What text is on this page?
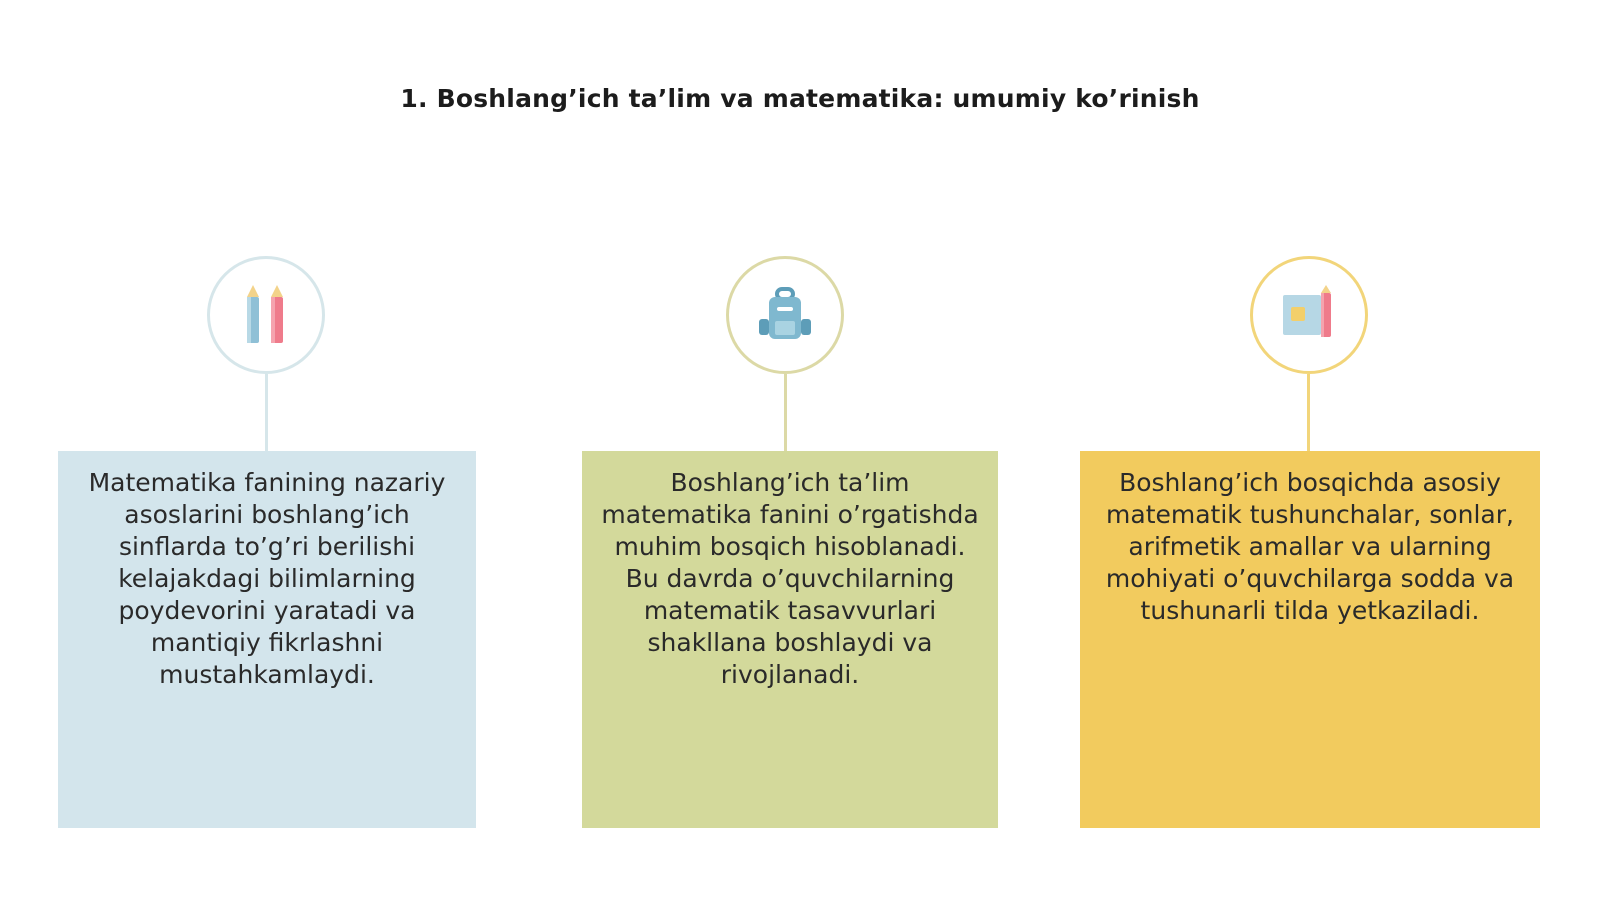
1. Boshlang’ich ta’lim va matematika: umumiy ko’rinish

Matematika fanining nazariy asoslarini boshlang’ich sinflarda to’g’ri berilishi kelajakdagi bilimlarning poydevorini yaratadi va mantiqiy fikrlashni mustahkamlaydi.

Boshlang’ich ta’lim matematika fanini o’rgatishda muhim bosqich hisoblanadi. Bu davrda o’quvchilarning matematik tasavvurlari shakllana boshlaydi va rivojlanadi.

Boshlang’ich bosqichda asosiy matematik tushunchalar, sonlar, arifmetik amallar va ularning mohiyati o’quvchilarga sodda va tushunarli tilda yetkaziladi.
